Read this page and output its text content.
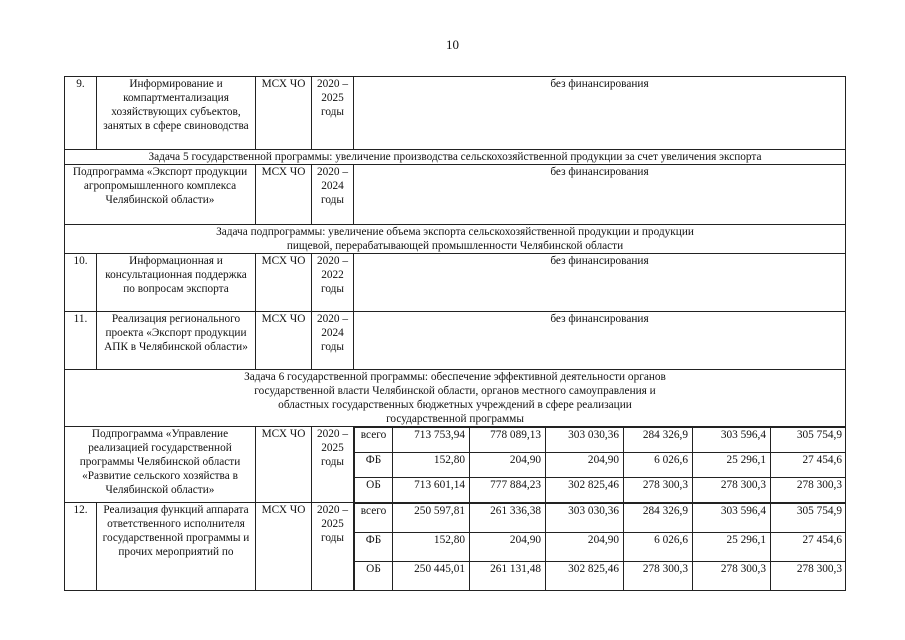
10
9.	Информирование и компартментализация хозяйствующих субъектов, занятых в сфере свиноводства	МСХ ЧО	2020 – 2025 годы	без финансирования
Задача 5 государственной программы: увеличение производства сельскохозяйственной продукции за счет увеличения экспорта
Подпрограмма «Экспорт продукции агропромышленного комплекса Челябинской области»	МСХ ЧО	2020 – 2024 годы	без финансирования
Задача подпрограммы: увеличение объема экспорта сельскохозяйственной продукции и продукции пищевой, перерабатывающей промышленности Челябинской области
10.	Информационная и консультационная поддержка по вопросам экспорта	МСХ ЧО	2020 –2022 годы	без финансирования
11.	Реализация регионального проекта «Экспорт продукции АПК в Челябинской области»	МСХ ЧО	2020 – 2024 годы	без финансирования
Задача 6 государственной программы: обеспечение эффективной деятельности органов государственной власти Челябинской области, органов местного самоуправления и областных государственных бюджетных учреждений в сфере реализации государственной программы
Подпрограмма «Управление реализацией государственной программы Челябинской области «Развитие сельского хозяйства в Челябинской области»	МСХ ЧО	2020 – 2025 годы	
всего	713 753,94	778 089,13	303 030,36	284 326,9	303 596,4	305 754,9
ФБ	152,80	204,90	204,90	6 026,6	25 296,1	27 454,6
ОБ	713 601,14	777 884,23	302 825,46	278 300,3	278 300,3	278 300,3

12.	Реализация функций аппарата ответственного исполнителя государственной программы и прочих мероприятий по	МСХ ЧО	2020 – 2025 годы	
всего	250 597,81	261 336,38	303 030,36	284 326,9	303 596,4	305 754,9
ФБ	152,80	204,90	204,90	6 026,6	25 296,1	27 454,6
ОБ	250 445,01	261 131,48	302 825,46	278 300,3	278 300,3	278 300,3
